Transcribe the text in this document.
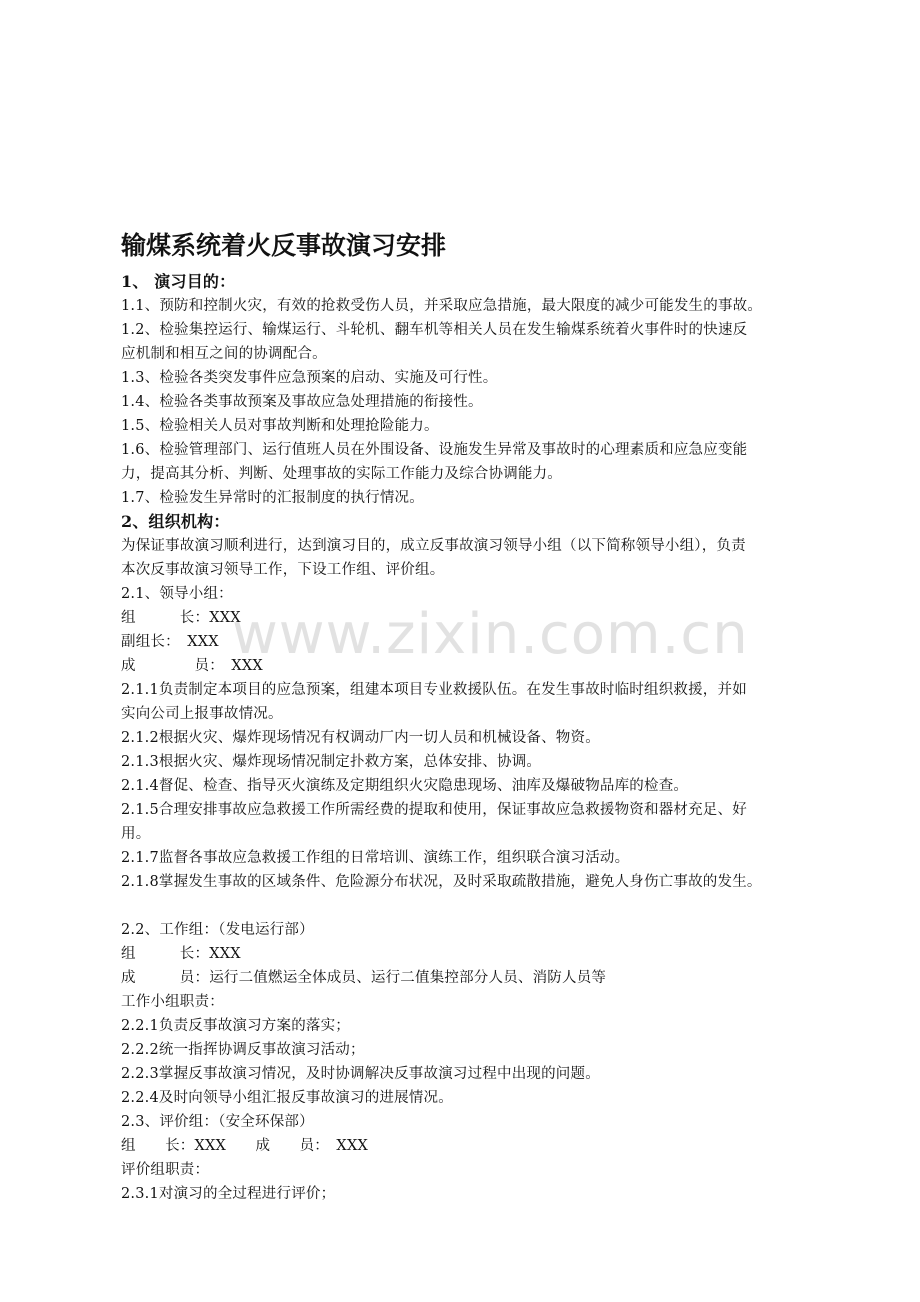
www.zixin.com.cn
输煤系统着火反事故演习安排

1、 演习目的：

1.1、预防和控制火灾，有效的抢救受伤人员，并采取应急措施，最大限度的减少可能发生的事故。

1.2、检验集控运行、输煤运行、斗轮机、翻车机等相关人员在发生输煤系统着火事件时的快速反

应机制和相互之间的协调配合。

1.3、检验各类突发事件应急预案的启动、实施及可行性。

1.4、检验各类事故预案及事故应急处理措施的衔接性。

1.5、检验相关人员对事故判断和处理抢险能力。

1.6、检验管理部门、运行值班人员在外围设备、设施发生异常及事故时的心理素质和应急应变能

力，提高其分析、判断、处理事故的实际工作能力及综合协调能力。

1.7、检验发生异常时的汇报制度的执行情况。

2、组织机构：

为保证事故演习顺利进行，达到演习目的，成立反事故演习领导小组（以下简称领导小组），负责

本次反事故演习领导工作，下设工作组、评价组。

2.1、领导小组：

组　　　长：XXX

副组长：　XXX

成　　　　员：　XXX

2.1.1负责制定本项目的应急预案，组建本项目专业救援队伍。在发生事故时临时组织救援，并如

实向公司上报事故情况。

2.1.2根据火灾、爆炸现场情况有权调动厂内一切人员和机械设备、物资。

2.1.3根据火灾、爆炸现场情况制定扑救方案，总体安排、协调。

2.1.4督促、检查、指导灭火演练及定期组织火灾隐患现场、油库及爆破物品库的检查。

2.1.5合理安排事故应急救援工作所需经费的提取和使用，保证事故应急救援物资和器材充足、好

用。

2.1.7监督各事故应急救援工作组的日常培训、演练工作，组织联合演习活动。

2.1.8掌握发生事故的区域条件、危险源分布状况，及时采取疏散措施，避免人身伤亡事故的发生。

2.2、工作组：（发电运行部）

组　　　长：XXX

成　　　员：运行二值燃运全体成员、运行二值集控部分人员、消防人员等

工作小组职责：

2.2.1负责反事故演习方案的落实；

2.2.2统一指挥协调反事故演习活动；

2.2.3掌握反事故演习情况，及时协调解决反事故演习过程中出现的问题。

2.2.4及时向领导小组汇报反事故演习的进展情况。

2.3、评价组：（安全环保部）

组　　长：XXX　　成　　员：　XXX

评价组职责：

2.3.1对演习的全过程进行评价；
